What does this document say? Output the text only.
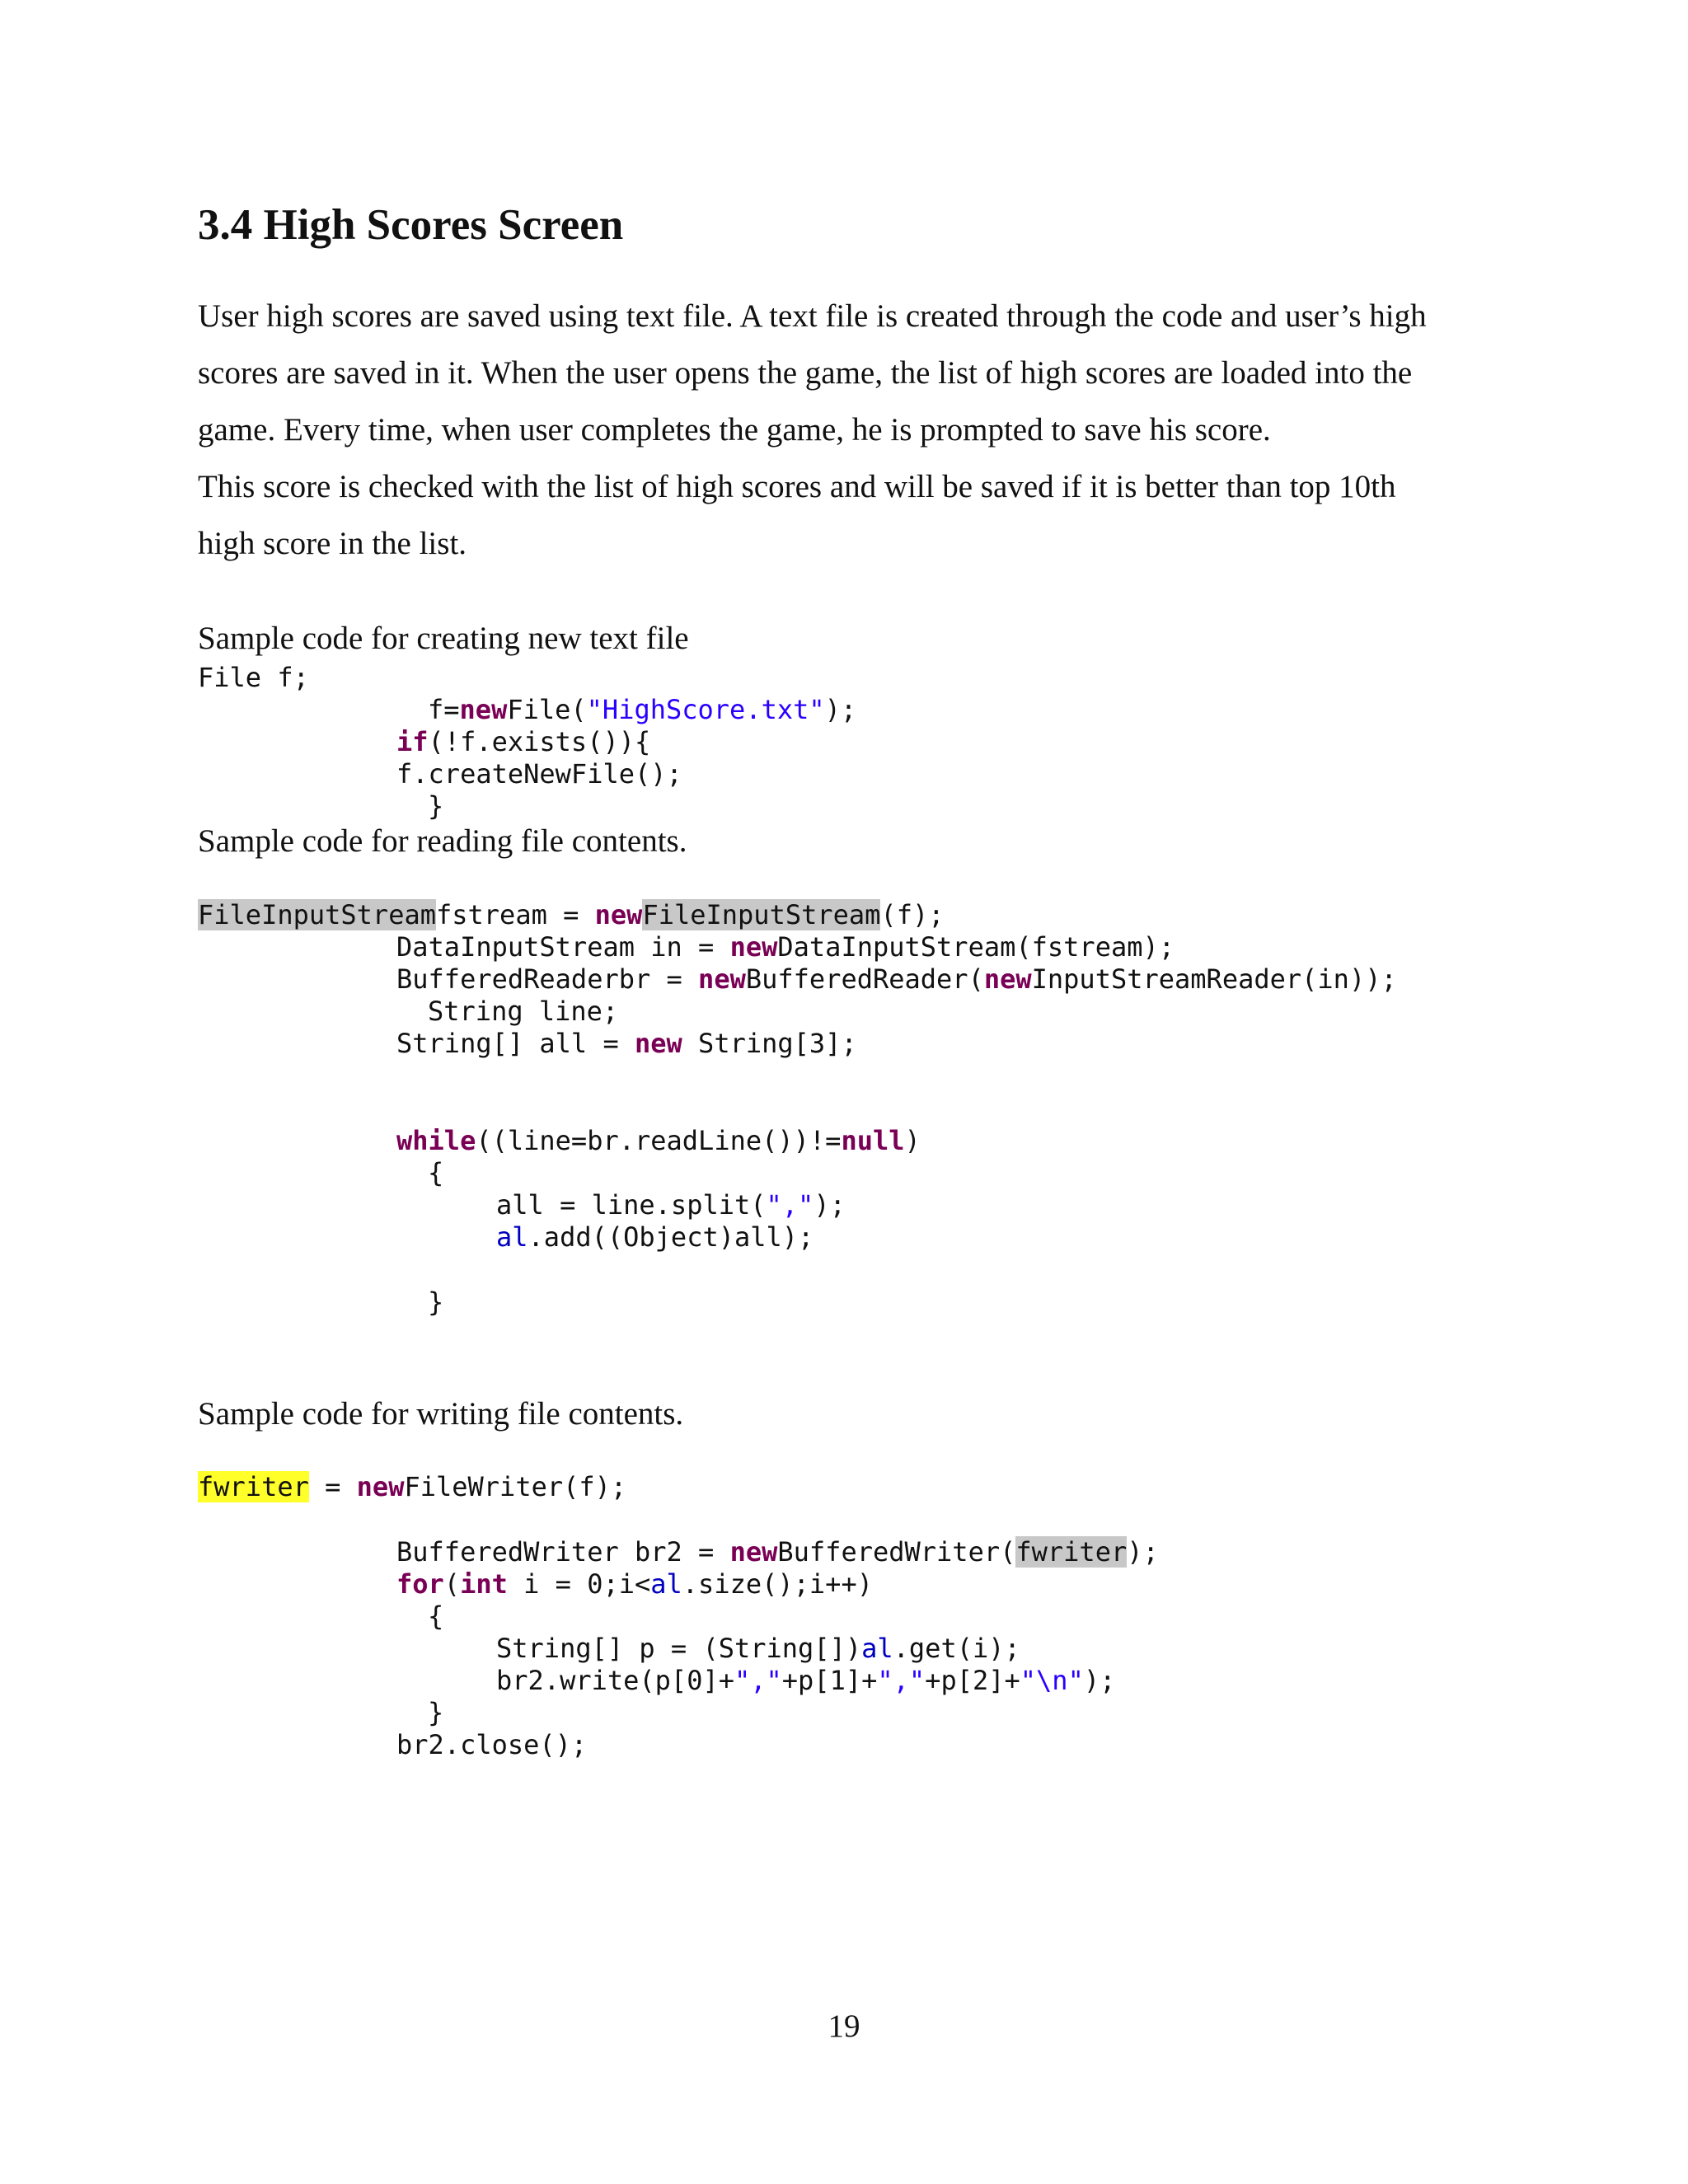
3.4 High Scores Screen
User high scores are saved using text file. A text file is created through the code and user’s high
scores are saved in it. When the user opens the game, the list of high scores are loaded into the
game. Every time, when user completes the game, he is prompted to save his score.
This score is checked with the list of high scores and will be saved if it is better than top 10th
high score in the list.
Sample code for creating new text file
File f;
f=newFile("HighScore.txt");
if(!f.exists()){
f.createNewFile();
}
Sample code for reading file contents.
FileInputStreamfstream = newFileInputStream(f);
DataInputStream in = newDataInputStream(fstream);
BufferedReaderbr = newBufferedReader(newInputStreamReader(in));
String line;
String[] all = new String[3];
while((line=br.readLine())!=null)
{
all = line.split(",");
al.add((Object)all);
}
Sample code for writing file contents.
fwriter = newFileWriter(f);
BufferedWriter br2 = newBufferedWriter(fwriter);
for(int i = 0;i<al.size();i++)
{
String[] p = (String[])al.get(i);
br2.write(p[0]+","+p[1]+","+p[2]+"\n");
}
br2.close();
19
